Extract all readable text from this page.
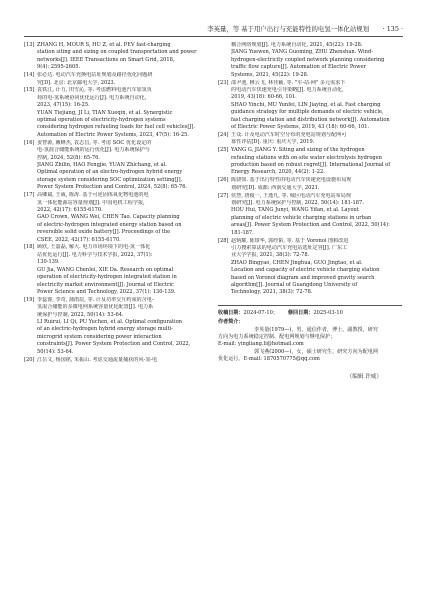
李英量，等 基于用户出行与充能特性的电氢一体化站规划 · 135 ·
[13] ZHANG H, MOUR S, HU Z, et al. PEV fast-charging
station siting and sizing on coupled transportation and power
networks[J]. IEEE Transactions on Smart Grid, 2018,
9(4): 2595-2605.
[14] 张必达. 电动汽车充换电站址规划及路径优化问题研
究[D]. 北京: 北京邮电大学, 2023.
[15] 袁铁江, 计力, 田雪沁, 等. 考虑燃料电池汽车加氢负
荷的电-氢系统协同优化运行[J]. 电力系统自动化,
2023, 47(15): 16-25.
YUAN Tiejiang, JI Li, TIAN Xueqin, et al. Synergistic
optimal operation of electricity-hydrogen systems
considering hydrogen refueling loads for fuel cell vehicles[J].
Automation of Electric Power Systems, 2023, 47(5): 16-25.
[16] 姜智源, 戴峰杰, 袁志昌, 等. 考虑 SOC 优化设定的
电-氢混合储能系统的运行优化[J]. 电力系统保护与
控制, 2024, 52(8): 65-76.
JIANG Zhilin, HAO Fengjie, YUAN Zhichang, et al.
Optimal operation of an electro-hydrogen hybrid energy
storage system considering SOC optimization setting[J].
Power System Protection and Control, 2024, 52(8): 65-76.
[17] 高卿斌, 王威, 陈涛. 基于可逆固体氧化物电池的电
氢一体化能源站容量规划[J]. 中国电机工程学报,
2022, 42(17): 6155-6170.
GAO Crown, WANG Wei, CHEN Tao. Capacity planning
of electric-hydrogen integrated energy station based on
reversible solid oxide battery[J]. Proceedings of the
CSEE, 2022, 42(17): 6155-6170.
[18] 顾欣, 王嘉磊, 解大. 电力市场环境下的电-氢一体化
站优化运行[J]. 电力科学与技术学报, 2022, 37(1):
130-139.
GU Jia, WANG Chenlei, XIE Da. Research on optimal
operation of electricity-hydrogen integrated station in
electricity market environment[J]. Journal of Electric
Power Science and Technology, 2022, 37(1): 130-139.
[19] 李蕊睿, 李奇, 蒲雨辰, 等. 计及功率交互约束的含电-
氢混合储能的多微电网系统容量优化配置[J]. 电力系
统保护与控制, 2022, 50(14): 53-64.
LI Ruirui, LI Qi, PU Yuchen, et al. Optimal configuration
of an electric-hydrogen hybrid energy storage multi-
microgrid system considering power interaction
constraints[J]. Power System Protection and Control, 2022,
50(14): 53-64.
[20] 江岳文, 杨国铭, 朱振山. 考虑交通流量捕获的风-氢-电
耦合网络规划[J]. 电力系统自动化, 2021, 45(22): 19-28.
JIANG Yuewen, YANG Guoming, ZHU Zhenshan. Wind-
hydrogen-electricity coupled network planning considering
traffic flow capture[J]. Automation of Electric Power
Systems, 2021, 45(22): 19-28.
[23] 邵尹池, 穆云飞, 林佳颖, 等. "车-站-网" 多元需求下
的电动汽车快速充电引导策略[J]. 电力系统自动化,
2019, 43(18): 60-66, 101.
SHAO Yinchi, MU Yunfei, LIN Jiaying, et al. Fast charging
guidance strategy for multiple demands of electric vehicle,
fast charging station and distribution network[J]. Automation
of Electric Power Systems, 2019, 43 (18): 60-66, 101.
[24] 王众. 计及电动汽车时空分布的充电站规划与配网可
靠性评估[D]. 重庆: 重庆大学, 2019.
[25] YANG G, JIANG Y. Siting and sizing of the hydrogen
refueling stations with on-site water electrolysis hydrogen
production based on robust regret[J]. International Journal of
Energy Research, 2020, 44(2): 1-22.
[26] 陈骁如. 基于出行特性的电动汽车快速充电设施布局规
划研究[D]. 成都: 西南交通大学, 2021.
[27] 侯慧, 唐俊一, 王逸凡, 等. 城区电动汽车充电站布局规
划研究[J]. 电力系统保护与控制, 2022, 50(14): 181-187.
HOU Hui, TANG Junyi, WANG Yifan, et al. Layout
planning of electric vehicle charging stations in urban
areas[J]. Power System Protection and Control, 2022, 50(14):
181-187.
[28] 赵炳耀, 陈璟华, 郭经韬, 等. 基于 Voronoi 图和改进
引力搜索算法的电动汽车充电站选址定容[J]. 广东工
业大学学报, 2021, 38(3): 72-78.
ZHAO Bingyao, CHEN Jinghua, GUO Jingtao, et al.
Location and capacity of electric vehicle charging station
based on Voronoi diagram and improved gravity search
algorithm[J]. Journal of Guangdong University of
Technology, 2021, 38(3): 72-78.
收稿日期：2024-07-10； 修回日期：2025-03-10
作者简介：
李英量(1979—)，男，通信作者，博士，副教授，研究
方向为电力系统稳定控制、配电网规划与继电保护；
E-mail: yingliang.li@hotmail.com
郭飞燕(2000—)，女，硕士研究生，研究方向为配电网
优化运行。E-mail: 1870570775@qq.com
（编辑 许威）
